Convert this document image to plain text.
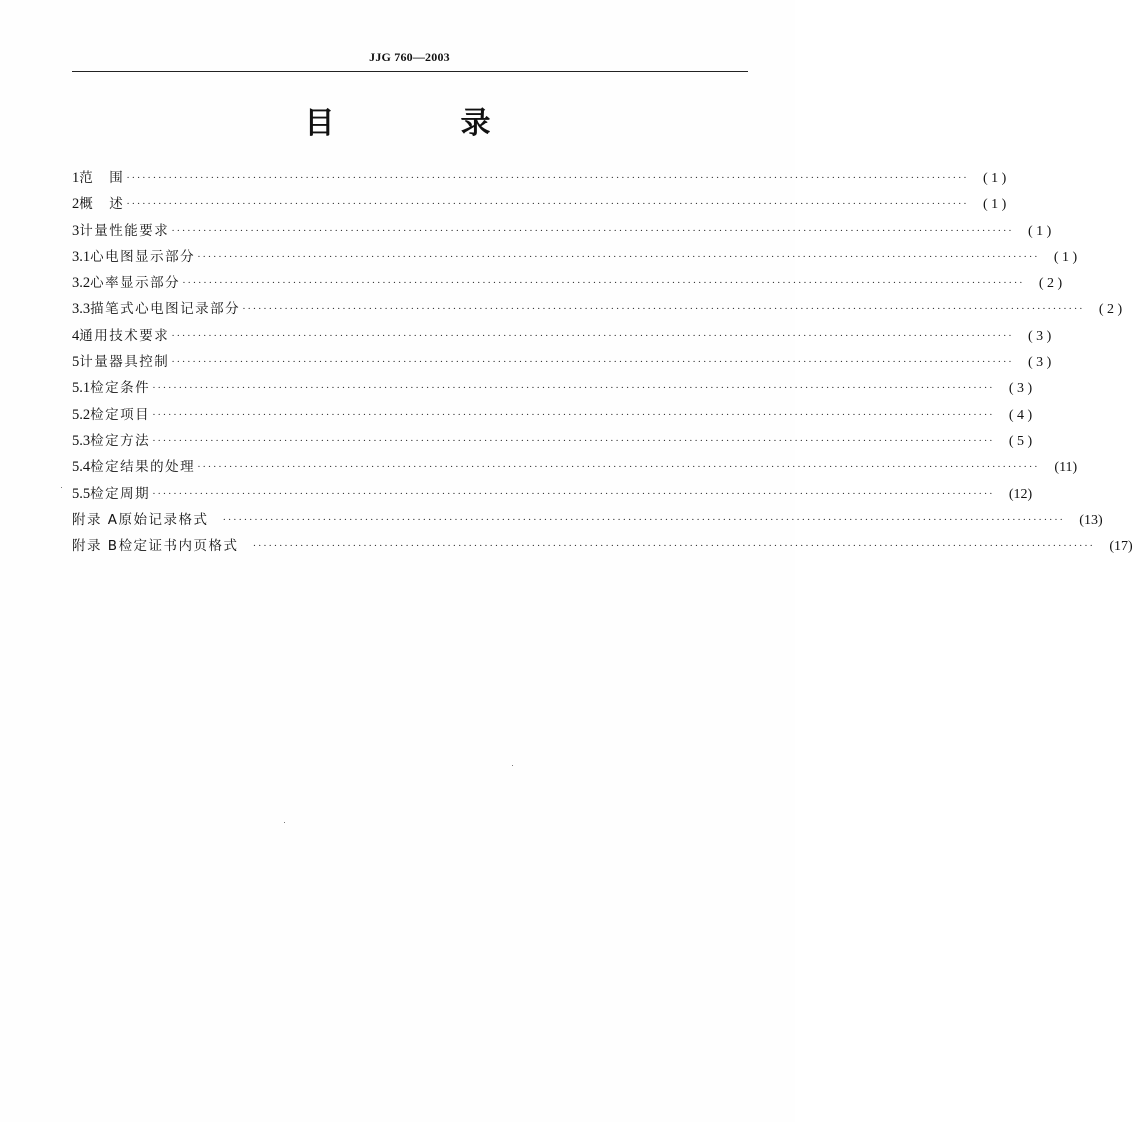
JJG 760—2003
目　录
1 范　围 ································································································································································	( 1 )
2 概　述 ································································································································································	( 1 )
3 计量性能要求 ································································································································································	( 1 )
3.1 心电图显示部分 ································································································································································	( 1 )
3.2 心率显示部分 ································································································································································	( 2 )
3.3 描笔式心电图记录部分 ································································································································································	( 2 )
4 通用技术要求 ································································································································································	( 3 )
5 计量器具控制 ································································································································································	( 3 )
5.1 检定条件 ································································································································································	( 3 )
5.2 检定项目 ································································································································································	( 4 )
5.3 检定方法 ································································································································································	( 5 )
5.4 检定结果的处理 ································································································································································	(11)
5.5 检定周期 ································································································································································	(12)
附录 A 原始记录格式 ································································································································································	(13)
附录 B 检定证书内页格式 ································································································································································	(17)
